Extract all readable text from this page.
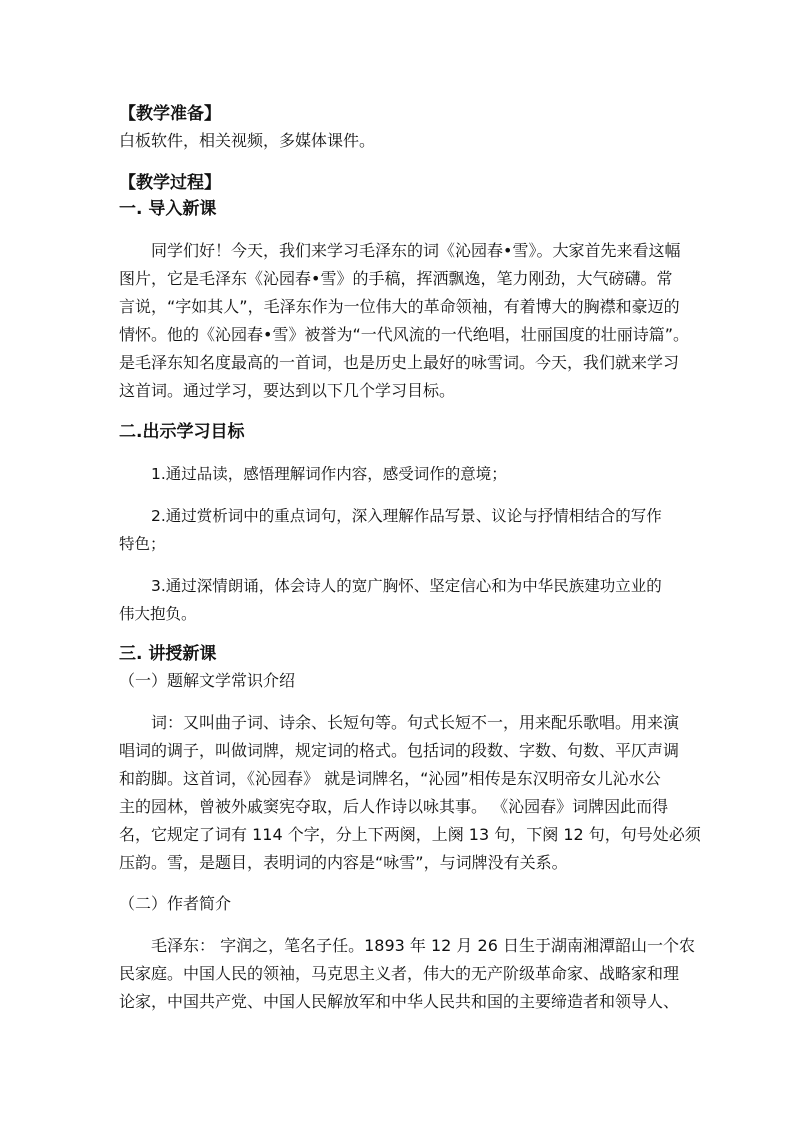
【教学准备】
白板软件，相关视频，多媒体课件。
【教学过程】
一. 导入新课
同学们好！今天，我们来学习毛泽东的词《沁园春•雪》。大家首先来看这幅
图片，它是毛泽东《沁园春•雪》的手稿，挥洒飘逸，笔力刚劲，大气磅礴。常
言说，“字如其人”，毛泽东作为一位伟大的革命领袖，有着博大的胸襟和豪迈的
情怀。他的《沁园春•雪》被誉为“一代风流的一代绝唱，壮丽国度的壮丽诗篇”。
是毛泽东知名度最高的一首词，也是历史上最好的咏雪词。今天，我们就来学习
这首词。通过学习，要达到以下几个学习目标。
二.出示学习目标
1.通过品读，感悟理解词作内容，感受词作的意境；
2.通过赏析词中的重点词句，深入理解作品写景、议论与抒情相结合的写作
特色；
3.通过深情朗诵，体会诗人的宽广胸怀、坚定信心和为中华民族建功立业的
伟大抱负。
三. 讲授新课
（一）题解文学常识介绍
词：又叫曲子词、诗余、长短句等。句式长短不一，用来配乐歌唱。用来演
唱词的调子，叫做词牌，规定词的格式。包括词的段数、字数、句数、平仄声调
和韵脚。这首词，《沁园春》 就是词牌名，“沁园”相传是东汉明帝女儿沁水公
主的园林，曾被外戚窦宪夺取，后人作诗以咏其事。 《沁园春》词牌因此而得
名，它规定了词有 114 个字，分上下两阕，上阕 13 句，下阕 12 句，句号处必须
压韵。雪，是题目，表明词的内容是“咏雪”，与词牌没有关系。
（二）作者简介
毛泽东： 字润之，笔名子任。1893 年 12 月 26 日生于湖南湘潭韶山一个农
民家庭。中国人民的领袖，马克思主义者，伟大的无产阶级革命家、战略家和理
论家，中国共产党、中国人民解放军和中华人民共和国的主要缔造者和领导人、
